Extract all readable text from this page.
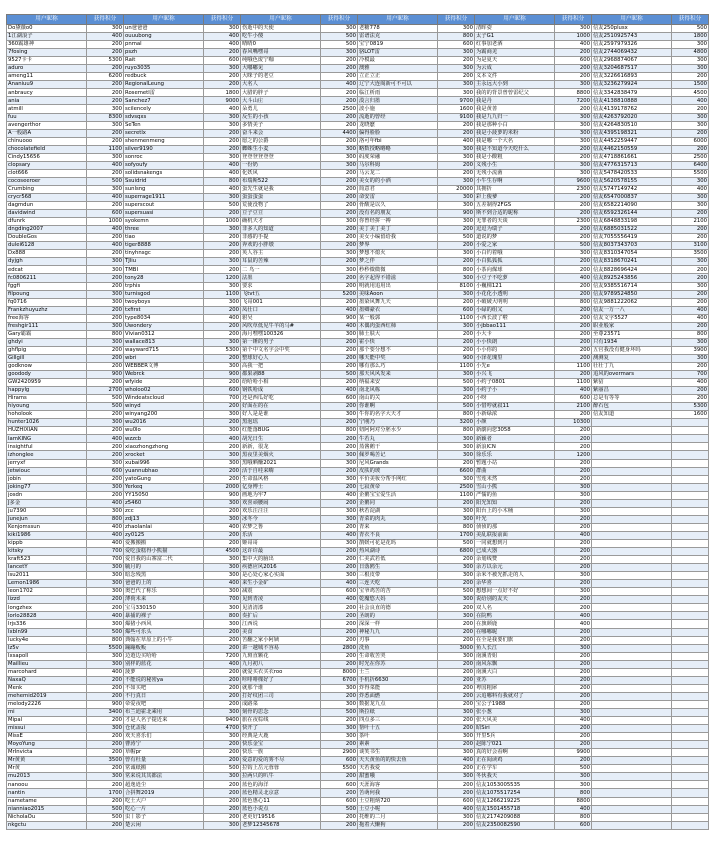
用户昵称	获得积分	用户昵称	获得积分	用户昵称	获得积分	用户昵称	获得积分	用户昵称	获得积分	用户昵称	获得积分	
Do黛薇o0	300	un爸爸爸	300	伤逝中的天使	300	老糖778	300	清晖姿	300	信友250plusx	500	
1江湖浪子	400	ouuubong	400	吃牛小傻	500	雷谱法克	800	太子G1	1000	信友2510925743	1800	
360霸雄神	200	pnmal	400	晴晴0	500	宝宁0819	600	红事加老酒	400	信友2597979326	300	
7fosing	200	pszh	200	春风嘴嘿哥	300	骆LOT雷	300	为霸商羌	200	信友2744069432	4800	
9527卡卡	5300	Rait	600	纯哦色废宁咖	200	冷模最	200	为是夏天	600	信友2968874067	300	
aduro	200	ruyo3035	300	大嘟嘟见	200	澳雅	300	为云成	200	信友3204687517	300	
ameng11	6200	redbuck	200	大咪子的老豆	200	立正立正	200	义本文件	200	信友3226616893	200	
Ananiuu9	200	RegionalLeung	200	大名人	400	辽宁大连阁新可不可以	300	主永远大小到	300	信友3236279924	1500	
anbraucy	200	Rosemetl雷	1800	大腊的胖子	200	临江析雨	300	我的的背景曾曾雷纪父	8800	信友3342838479	4500	
ania	200	Sanchez7	9000	大斗山庄	200	漠言归墨	9700	我是丹	7200	信友4138810888	400	
atmill	300	scilencely	400	朵勇儿	2500	波小施	1600	我是黄善	200	信友4139178762	200	
fuu	8300	sdvsqxs	300	反生的小孩	200	流逝的曾经	9100	我是九九归一	300	信友4263792020	300	
avengerthor	300	SeTen	300	多情美子	200	龙晓麽	200	我是那种小白	300	信友4264830510	300	
A一般路A	200	secretlx	200	奋斗来会	4400	偏得脸脸	200	我是小菠萝的米粉	300	信友4395198321	200	
chinuooo	200	shenmenmeng	200	愿之的公爵	200	洛可年fbi	400	我是哪一个大名	300	信友4452259447	6000	
chocolatefield	1100	silver9190	200	蜘蛛生小麦	300	略数授略略略	300	我是不知道今天吃什么	200	信友4462150559	200	
Cindy15656	300	sonroc	300	登登登登登登	300	码度荣融	300	我是小酸粗	200	信友4718861661	2500	
clopsary	400	sofyoufy	400	一份奶	300	马尔科姆	200	义残小生	300	信友4776315713	6400	
clot666	200	solidsnakengs	400	化妖风	200	马云龙二	200	无残小流菌	300	信友5478420533	5500	
cocoseeroer	500	Ssuidrid	800	布瑞斯522	200	美女的的小酒	300	小牛生存啊	9600	信友5620578155	300	
Crumbing	300	sunlsng	400	蛋先生就是我	200	简意君	20000	其拥折	2300	信友5747149742	400	
crycr568	400	superrage1911	300	蛋蛋蛋蛋	200	命安雷	300	彩上俊爹	200	信友6547000837	300	
dagmdun	200	superscout	500	荒使没物了	200	骨酸是以久	300	五差制得2FGS	200	信友6582214090	300	
davidwind	600	supersuasi	200	豆子豆豆	200	没有名的朋友	900	斯不到合适的昵称	200	信友6592326144	200	
dfunrk	1000	syokemn	1000	确机天才	300	你曾经拼一搏	300	无罪者的天谈	2300	信友6848833198	2100	
dngding2007	400	three	300	非多人的知道	200	美丁美丁美丁	200	逗逗为瑞子	200	信友6885031522	200	
DoubleGos	200	tiao	200	非感的手提	200	美女小编留给我	500	道说的梦	200	信友7055556419	200	
dulei6128	400	tiger8888	200	奔欢的小胖墩	200	梦界	200	小爱之家	500	信友8037343703	3100	
Dx888	200	tinyhnsgc	200	英人谷主	300	梦想不熄火	300	小白钓着哦	300	信友8310347054	3500	
dyjgh	300	TJliu	300	耳鼠的苦辣	200	梦之伴	200	小白狐狐狐	200	信友8318670241	300	
edcat	300	TMBI	200	二 鸟一	300	秒秒微微微	800	小茶向煤球	200	信友8828696424	200	
fc0806211	200	tony28	1200	法墨	200	名字起得不错滋	300	小豆子不吃萝	400	信友8925243856	200	
fggfi	200	trphis	300	要求	200	明就用追用出	8100	小巍梯121	200	信友9385516714	300	
filpoung	300	turnisgod	1100	飞tvt五	5200	美味Aoon	300	小花化小透明	200	信友9789524850	200	
fq0716	300	twoyboys	300	飞哥001	200	墨染风舞九天	200	小破破大明明	800	信友9881222062	200	
Frankzhuyuzhz	200	txfirst	200	凤仕口	400	墨卿豪衣	600	小碌的组又	200	信友一万一八	400	
free海客	200	type8034	400	驸吴	900	某一般郭	1100	小西长波了啦	200	信友文字5527	400	
freshgir111	300	Uwondery	200	风吹草低见牛羊的马#	400	木偶肉蛋西红柿	300	小jbbao111	200	职业般家	200	
Gary霸霸	800	Vivian0312	200	海月嘿嘿100326	300	肺土肤大	200	小大卡	200	至尊23571	800	
ghdyi	300	wallace813	300	第一锤的男子	200	霍小快	200	小小快朗	200	只有1934	300	
ghflpig	200	wayward715	5300	第个中文名字会中奖	200	那个要分想不	200	小小你的	200	五官我没有健身坏吗	3900	
Gillgill	200	wbri	200	整球好心人	200	哪天能中奖	900	小泽花瑰里	200	测测复	300	
godknow	200	WEBBER文博	300	高我一把	200	哪有那么巧	1100	小先e	1100	壮壮丁九	200	
goodody	900	Webrck	900	都果剥88	500	那天风风发来	300	小兴飞	200	追风的overmars	700	
GW2420959	200	wfyide	200	给哈哈小相	200	纳福来安	500	小约子0801	1100	紫貂	400	
happylg	2700	wholoo02	600	钢铁哈成	400	南北风栋	300	小约子小	400	紫丽昌	200		
Hirams	500	Windeatscloud	700	还是西瓜好吃	600	南山的关	200	小呀	600	总是有等等	200	
hiyoung	500	winyd	200	好面在的在	200	你谁啊	500	小惜哼就叙11	2100	醉石包	5300	
hoholook	200	winyang200	300	好人是是谁	300	牛你的名字大天才	800	小新绿浓	200	信友知道	1600	
hunter1026	300	wu2016	200	黑泡瑶	200	宁刚乃	3200	小颜	10300			
HUZHIXIAN	200	wu0lo	300	红能落BUG	800	妞阿阿对分胚水少	800	新劇向您3058	200			
IamKING	400	wzzcb	400	胡光日生	200	牛若丸	300	新颖者	200			
insightful	200	xiaozhongzhong	200	新新，很龙	200	蒸酱鹅干	300	新浪ICN	200			
izhonglee	200	xrocket	300	黑夜里美烟火	300	佩罗喝苦记	300	徐乐乐	1200			
jerryxf	300	xubai996	300	黑哦晒赚2021	300	尼风Grands	200	暂题小站	200			
jetwiouc	600	yuannubhao	200	活于自哇来嗨	200	皮肤的玻	6600	群曲	200			
jobin	200	yatoGung	200	生命温风格	300	平价美妆分帮手网红	300	雪莲未然	200			
joking77	300	Yerkeq	2000	亿身博士	200	七寂黄帝	2500	雪山小熊	300			
josdn	200	YY15050	900	画地为牢7	400	企鹅宝宝爱生活	1100	严懦的鱼	300			
J多金	400	z5460	300	欢喜顽腰闹	200	企鹅同	200	阳光知知	200			
ju7390	300	zcc	200	欢乐汪汪汪	300	秋若淀湖	300	阳台上的小木桶	300			
Junejun	800	zdj13	300	冰冬今	300	青菜的肉丸	300	叶光	200			
Kenjomssun	400	zhaolanlai	400	农梦之鲁	200	青来	800	侦侦的那	200			
kiki1986	400	zy0125	200	乐活	400	青衣不良	1700	美乱联报前面	400			
kippb	400	爱搬搬搬	200	姬哥哥	300	鹊媛可花是花吗	500	一同就想到月	200			
kitsky	700	爱吃蛋糕得小熊猫	4500	这许许最	200	热风湖诗	6800	已成大器	200			
kraft523	700	爱冒我的山寨富二代	300	集中大的脑出	200	仁美武若低	200	余划线赞	200			
lancetY	300	毓月的	300	疾德应风2016	200	日落鸥生	300	余方以余元	200			
lsu2011	300	暗念残黑	300	是心处心家心实面	300	三根皮带	300	余米不被光抓走的人	300			
Lemon1986	300	爸爸的上的	400	来生小金矿	400	三连天吃	200	余华喜	200			
leon1702	300	奥巴代了称乐	300	减震	600	宝爷鸡苦的苦	500	想想间一点好不好	300			
lizzd	200	薄荷未来	700	见到青凌	400	乾魔悠大妈	300	说给别的友天	200			
longzhex	200	宝马330150	300	见清清漆	200	社会良直的德	200	双人名	200			
lorlo28828	400	暴捕的裸子	800	奏扩后	200	圣朗的	300	在院鸭	400			
lrjs336	300	爆猪小西风	300	江西说	200	深深一样	200	在旗颜鹿	400			
lxbln99	500	爆些可乐头	200	美食	200	神秘九九	200	在哪哪昵	200			
lucky4e	800	典翰在草原上的小牛	200	苦翻之家小阿姨	200	刃事	200	在全是我要们旗	200			
lz5v	5500	蹦蹦贩贩	200	讲一越城不容易	2800	洗鱼	3000	鱼人长江	300			
lxsapoll	300	边遊边买哈哈	7200	九斑直颗花	200	生命收苦哭	300	南溪青姐	200			
Maillieu	300	别样的蓝花	400	九月初八	200	时光在你苏	200	南风东飘	200			
marcohard	400	菠萝	200	就爱买衣买衣roo	8000	士兰	200	南溪大白	200			
NaxaQ	200	不能说的秘密ya	200	咔啡啡棵好了	6700	手机折6630	200	亚苏	200			
Menk	200	不如买吧	200	就那个谁	300	炸得菜能	200	粤国粗犀	200			
mehemid2019	200	不行真日	200	打好纹团三司	200	炸悉面燃	200	云追哪料有我就对了	200			
melody2226	900	帝爱夜吧	200	成路菜	300	数据龙九点	200	宝公子1988	200			
mi	3400	布兰迪霍北乘用	300	刻骨的思念	500	斯拉纸	300	张小葱	300			
Mipal	200	才是人名子提近来	9400	旅在夜棕线	200	四点多三	200	张大风美	400			
missui	300	仓优盖报	4700	快开了	300	帮叶十五	200	昭Siri	200			
MissE	200	欢天喜乐们	300	经典是大鹿	300	茶叶	300	开里5兵	200			
MoyoYung	200	曹涛宁	200	快乐金宝	200	素素	200	赵陈宁021	200			
MrInvicta	200	草帽pr	200	快乐一族	2900	谈笑书生	300	真的好会看啊	9900			
Mr黄黄	3500	曾有杜量	200	爱意的爱的雾不尽	600	天天黄鱼的的快去鱼	400	正在阅读鸡	200			
Mr黄	200	常诚纸搬	500	拉钩上岳元蓉蓉	5500	天若我爱	200	正在学车	500			
mu2013	300	常来说其其都法	300	拉两只的叭牛	200	甜蜜哦	300	冬伙我天	300			
nanoou	200	超逸逍尘	200	蓝色的海洋	600	天涯海客	200	信友1053005535	300			
nantin	1700	合拼舞2019	200	蓝色精灵北京意	200	苦萌何我	200	信友1075517254	800			
nametame	200	吃土大户	200	蓝色惠心11	600	土豆粗炳720	600	信友1266219225	8800			
nianniao2015	500	吃心一片	200	蓝色小说点	500	土豆小呢	400	信友1501455718	400			
NicholaOu	500	虫丨影子	200	老更好19516	200	托维的二月	300	信友2174209088	800			
nkgctu	200	楚云闲	300	老梦12345678	200	拖着大懒狗	200	信友2350082590	600			
